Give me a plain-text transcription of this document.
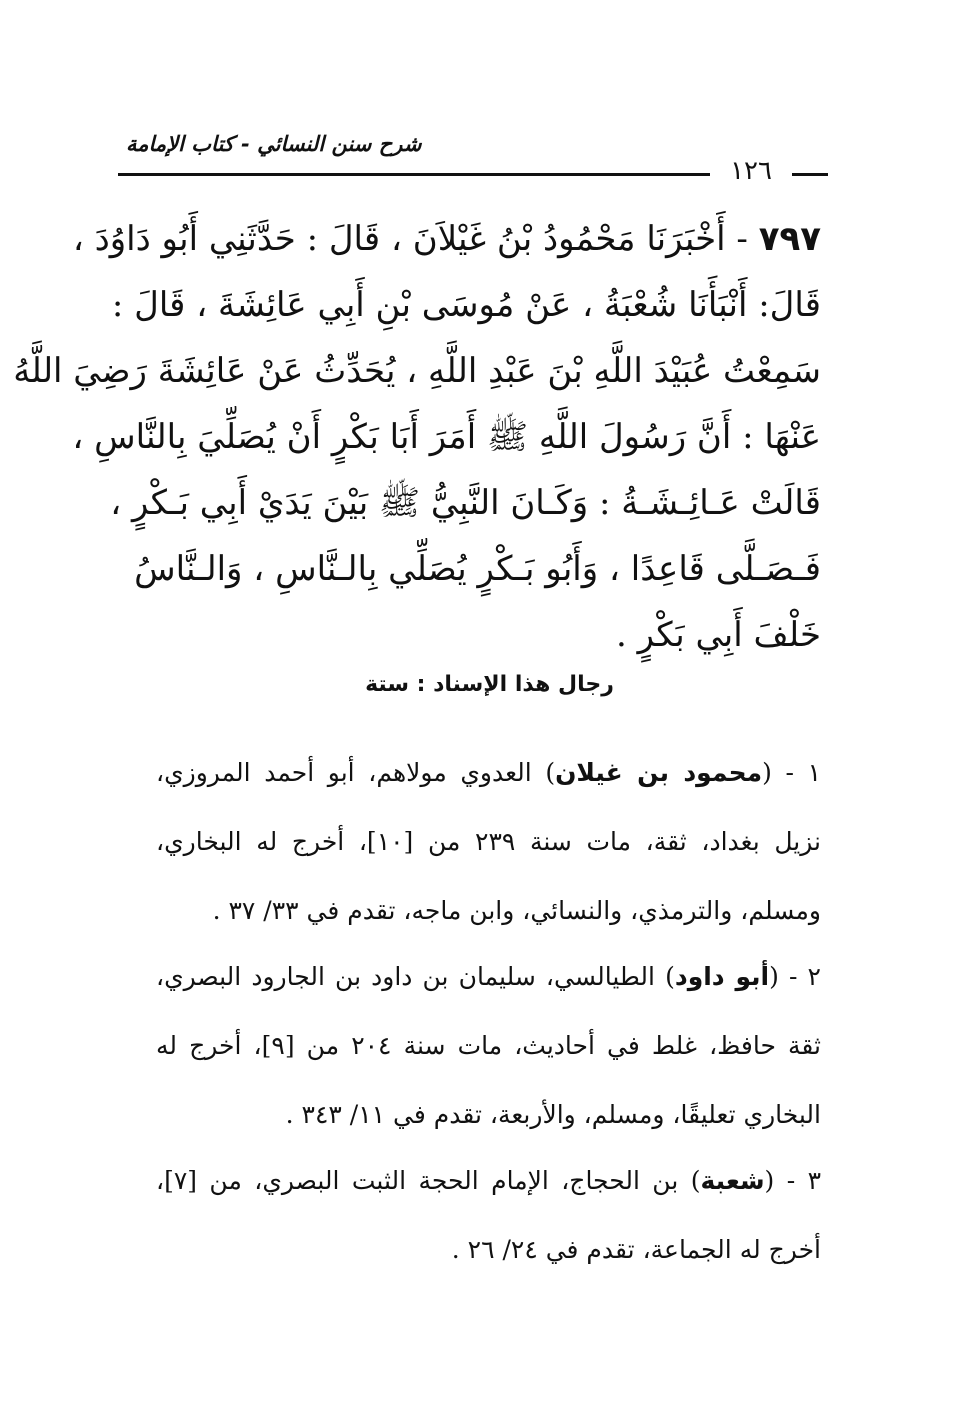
شرح سنن النسائي - كتاب الإمامة
١٢٦
٧٩٧ - أَخْبَرَنَا مَحْمُودُ بْنُ غَيْلاَنَ ، قَالَ : حَدَّثَنِي أَبُو دَاوُدَ ،
قَالَ: أَنْبَأَنَا شُعْبَةُ ، عَنْ مُوسَى بْنِ أَبِي عَائِشَةَ ، قَالَ :
سَمِعْتُ عُبَيْدَ اللَّهِ بْنَ عَبْدِ اللَّهِ ، يُحَدِّثُ عَنْ عَائِشَةَ رَضِيَ اللَّهُ
عَنْهَا : أَنَّ رَسُولَ اللَّهِ ﷺ أَمَرَ أَبَا بَكْرٍ أَنْ يُصَلِّيَ بِالنَّاسِ ،
قَالَتْ عَـائِـشَـةُ : وَكَـانَ النَّبِيُّ ﷺ بَيْنَ يَدَيْ أَبِي بَـكْرٍ ،
فَـصَـلَّى قَاعِدًا ، وَأَبُو بَـكْرٍ يُصَلِّي بِالـنَّاسِ ، وَالـنَّاسُ
خَلْفَ أَبِي بَكْرٍ .
رجال هذا الإسناد : ستة
١ - (محمود بن غيلان) العدوي مولاهم، أبو أحمد المروزي، نزيل بغداد، ثقة، مات سنة ٢٣٩ من [١٠]، أخرج له البخاري، ومسلم، والترمذي، والنسائي، وابن ماجه، تقدم في ٣٣/ ٣٧ .
٢ - (أبو داود) الطيالسي، سليمان بن داود بن الجارود البصري، ثقة حافظ، غلط في أحاديث، مات سنة ٢٠٤ من [٩]، أخرج له البخاري تعليقًا، ومسلم، والأربعة، تقدم في ١١/ ٣٤٣ .
٣ - (شعبة) بن الحجاج، الإمام الحجة الثبت البصري، من [٧]، أخرج له الجماعة، تقدم في ٢٤/ ٢٦ .
